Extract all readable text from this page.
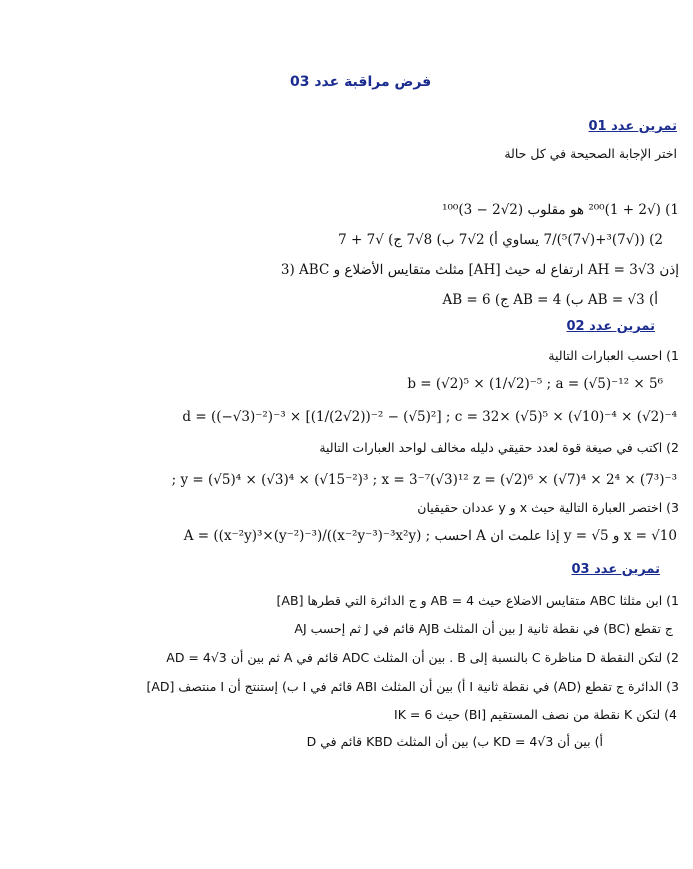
فرض مراقبة عدد 03
تمرين عدد 01
اختر الإجابة الصحيحة في كل حالة
1) (√2 + 1)²⁰⁰ هو مقلوب (2√2 − 3)¹⁰⁰
2) ((√7)³+(√7)⁵)/7 يساوي أ) 2√7 ب) 8√7 ج) √7 + 7
3) ABC مثلث متقايس الأضلاع و [AH] ارتفاع له حيث AH = 3√3 إذن
أ) AB = √3 ب) AB = 4 ج) AB = 6
تمرين عدد 02
1) احسب العبارات التالية
b = (√2)⁵ × (1/√2)⁻⁵ ; a = (√5)⁻¹² × 5⁶
d = ((−√3)⁻²)⁻³ × [(1/(2√2))⁻² − (√5)²] ; c = 32× (√5)⁵ × (√10)⁻⁴ × (√2)⁻⁴
2) اكتب في صيغة قوة لعدد حقيقي دليله مخالف لواحد العبارات التالية
; y = (√5)⁴ × (√3)⁴ × (√15⁻²)³ ; x = 3⁻⁷(√3)¹² z = (√2)⁶ × (√7)⁴ × 2⁴ × (7³)⁻³
3) اختصر العبارة التالية حيث x و y عددان حقيقيان
A = ((x⁻²y)³×(y⁻²)⁻³)/((x⁻²y⁻³)⁻³x²y) ; احسب A إذا علمت ان y = √5 و x = √10
تمرين عدد 03
1) ابن مثلثا ABC متقايس الاضلاع حيث AB = 4 و ج الدائرة التي قطرها [AB]
ج تقطع (BC) في نقطة ثانية J بين أن المثلث AJB قائم في J ثم إحسب AJ
2) لتكن النقطة D مناظرة C بالنسبة إلى B . بين أن المثلث ADC قائم في A ثم بين أن AD = 4√3
3) الدائرة ج تقطع (AD) في نقطة ثانية I أ) بين أن المثلث ABI قائم في I ب) إستنتج أن I منتصف [AD]
4) لتكن K نقطة من نصف المستقيم [BI) حيث IK = 6
أ) بين أن KD = 4√3 ب) بين أن المثلث KBD قائم في D
